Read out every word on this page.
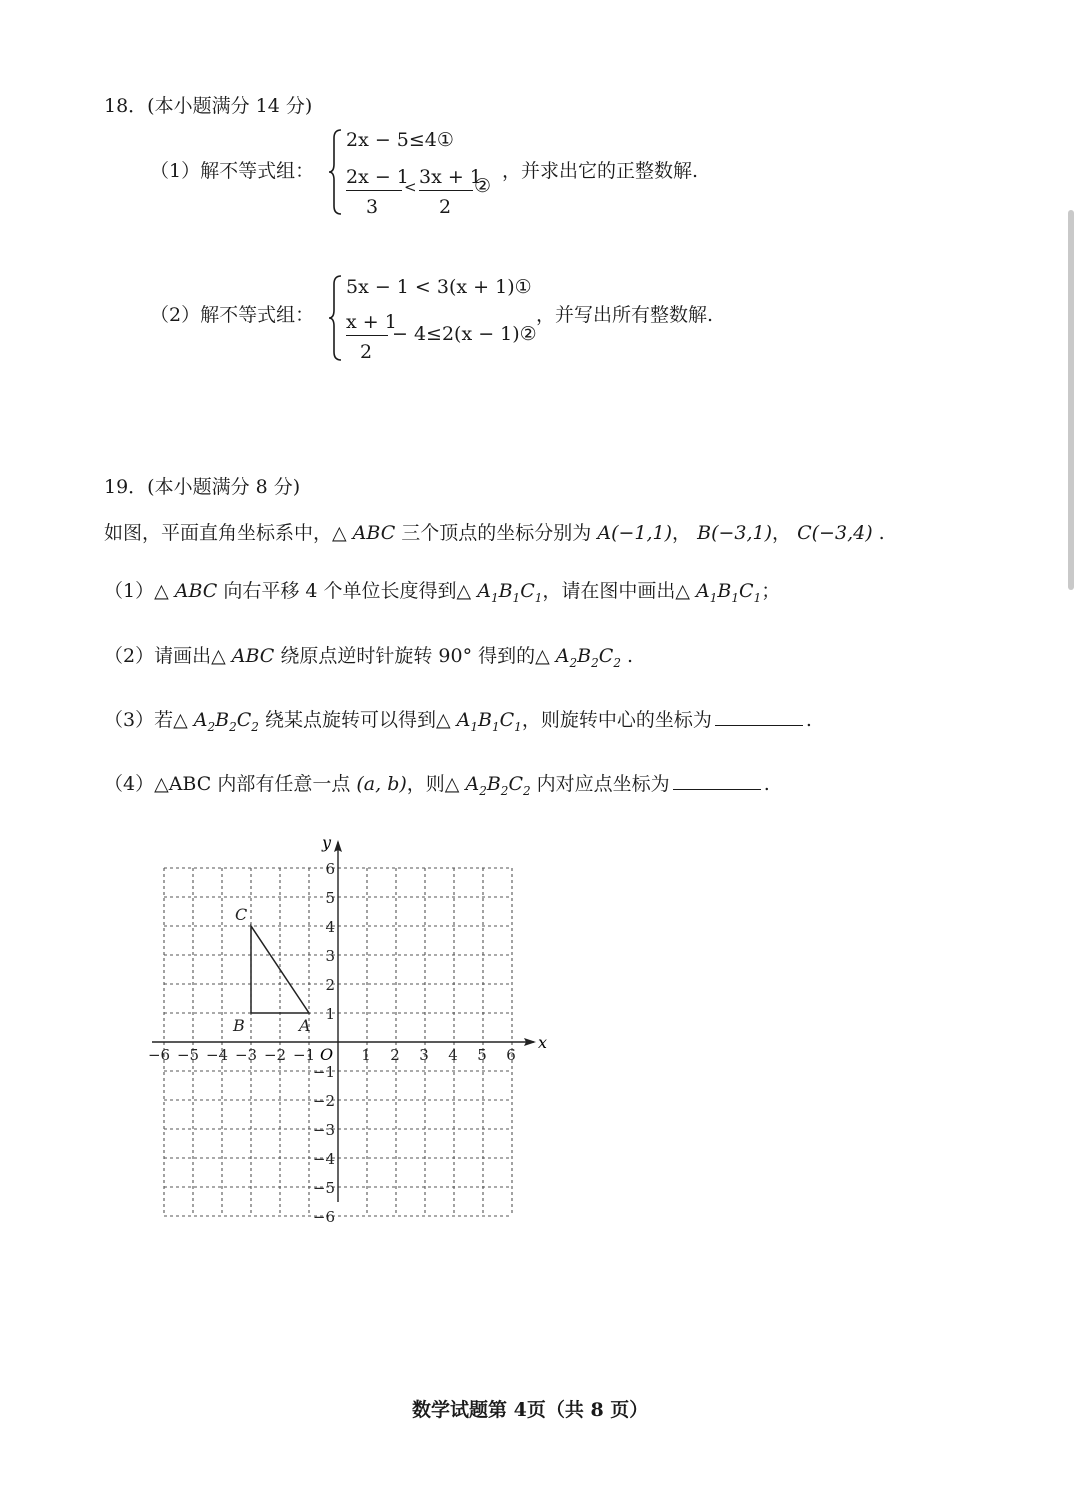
18．(本小题满分 14 分)
（1）解不等式组：
2x − 5≤4①
2x − 1
3
< 3x + 1
2
②
，并求出它的正整数解.
（2）解不等式组：
5x − 1 < 3(x + 1)①
x + 1
2
− 4≤2(x − 1)②
，并写出所有整数解.
19．(本小题满分 8 分)
如图，平面直角坐标系中，△ ABC 三个顶点的坐标分别为 A(−1,1)， B(−3,1)， C(−3,4) .
（1）△ ABC 向右平移 4 个单位长度得到△ $A_1B_1C_1$，请在图中画出△ $A_1B_1C_1$；
（2）请画出△ ABC 绕原点逆时针旋转 90° 得到的△ $A_2B_2C_2$ .
（3）若△ $A_2B_2C_2$ 绕某点旋转可以得到△ $A_1B_1C_1$，则旋转中心的坐标为	.
（4）△ABC 内部有任意一点 (a, b)，则△ $A_2B_2C_2$ 内对应点坐标为	.
−6 −5 −4 −3 −2 −1	1 2 3 4 5 6
6
5
4
3
2
1
−1
−2
−3
−4
−5
−6
A
B
C
x
y
O
数学试题第 4页（共 8 页）
